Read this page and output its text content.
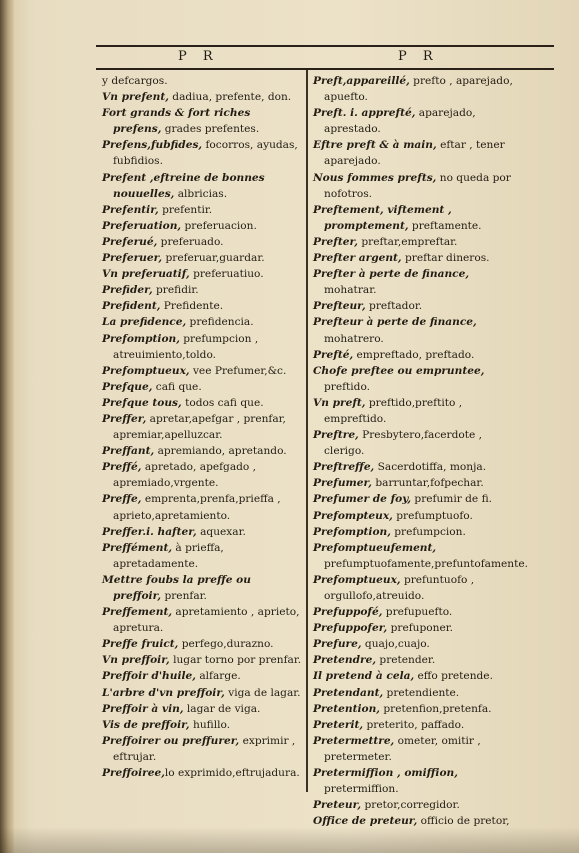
P R	P R

y defcargos.

Vn prefent, dadiua, prefente, don.

Fort grands & fort riches prefens, grades prefentes.

Prefens,fubfides, focorros, ayudas, fubfidios.

Prefent ,eftreine de bonnes nouuelles, albricias.

Prefentir, prefentir.

Preferuation, preferuacion.

Preferué, preferuado.

Preferuer, preferuar,guardar.

Vn preferuatif, preferuatiuo.

Prefider, prefidir.

Prefident, Prefidente.

La prefidence, prefidencia.

Prefomption, prefumpcion , atreuimiento,toldo.

Prefomptueux, vee Prefumer,&c.

Prefque, cafi que.

Prefque tous, todos cafi que.

Preffer, apretar,apefgar , prenfar, apremiar,apelluzcar.

Preffant, apremiando, apretando.

Preffé, apretado, apefgado , apremiado,vrgente.

Preffe, emprenta,prenfa,prieffa , aprieto,apretamiento.

Preffer.i. hafter, aquexar.

Preffément, à prieffa, apretadamente.

Mettre foubs la preffe ou preffoir, prenfar.

Preffement, apretamiento , aprieto, apretura.

Preffe fruict, perfego,durazno.

Vn preffoir, lugar torno por prenfar.

Preffoir d'huile, alfarge.

L'arbre d'vn preffoir, viga de lagar.

Preffoir à vin, lagar de viga.

Vis de preffoir, hufillo.

Preffoirer ou preffurer, exprimir , eftrujar.

Preffoiree,lo exprimido,eftrujadura.

Preft,appareillé, prefto , aparejado, apuefto.

Preft. i. apprefté, aparejado, aprestado.

Eftre preft & à main, eftar , tener aparejado.

Nous fommes prefts, no queda por nofotros.

Preftement, viftement , promptement, preftamente.

Prefter, preftar,empreftar.

Prefter argent, preftar dineros.

Prefter à perte de finance, mohatrar.

Prefteur, preftador.

Prefteur à perte de finance, mohatrero.

Prefté, empreftado, preftado.

Chofe preftee ou empruntee, preftido.

Vn preft, preftido,preftito , empreftido.

Preftre, Presbytero,facerdote , clerigo.

Preftreffe, Sacerdotiffa, monja.

Prefumer, barruntar,fofpechar.

Prefumer de foy, prefumir de fi.

Prefompteux, prefumptuofo.

Prefomption, prefumpcion.

Prefomptueufement, prefumptuofamente,prefuntofamente.

Prefomptueux, prefuntuofo , orgullofo,atreuido.

Prefuppofé, prefupuefto.

Prefuppofer, prefuponer.

Prefure, quajo,cuajo.

Pretendre, pretender.

Il pretend à cela, effo pretende.

Pretendant, pretendiente.

Pretention, pretenfion,pretenfa.

Preterit, preterito, paffado.

Pretermettre, ometer, omitir , pretermeter.

Pretermiffion , omiffion, pretermiffion.

Preteur, pretor,corregidor.

Office de preteur, officio de pretor,
